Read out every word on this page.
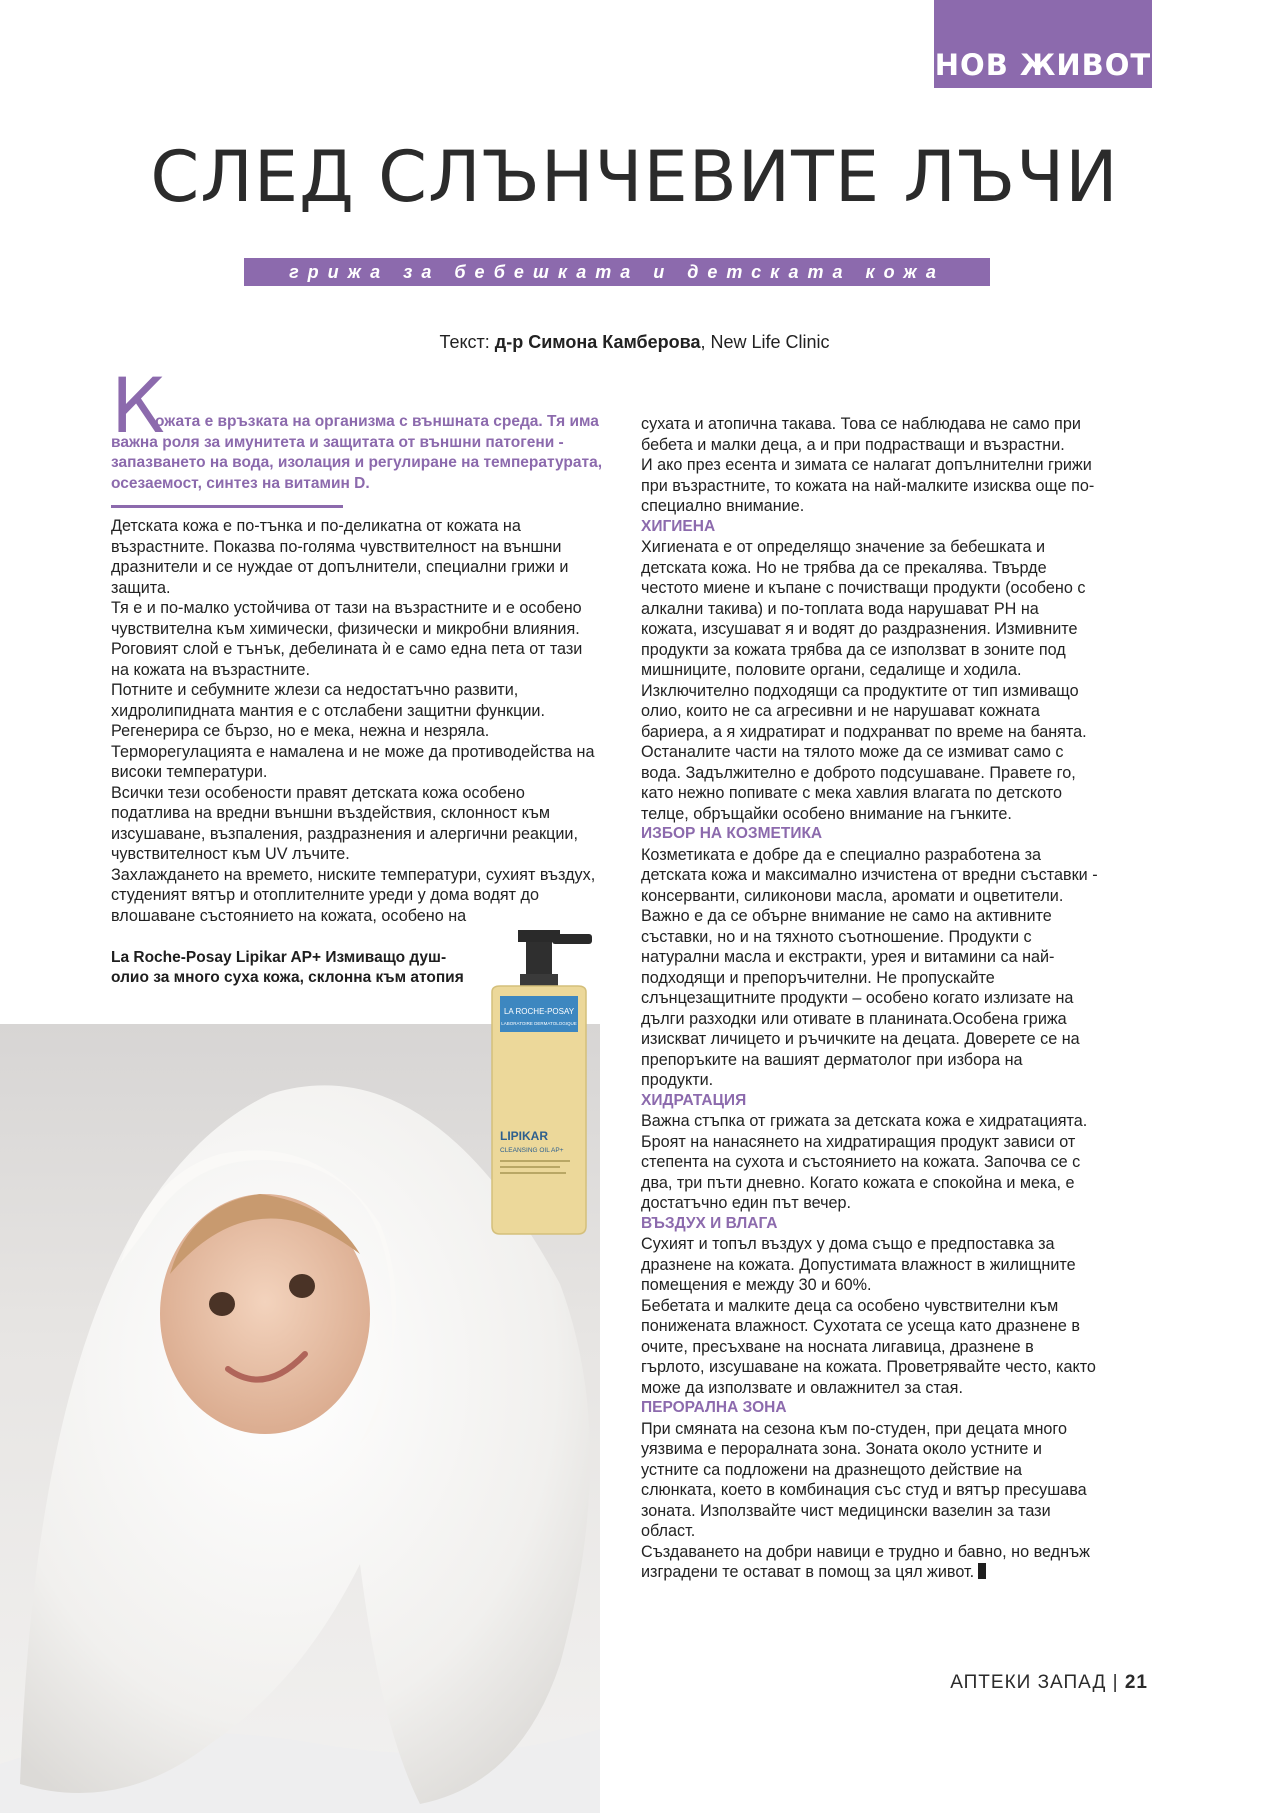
НОВ ЖИВОТ
СЛЕД СЛЪНЧЕВИТЕ ЛЪЧИ
грижа за бебешката и детската кожа
Текст: д-р Симона Камберова, New Life Clinic
К
ожата е връзката на организма с външната среда. Тя има важна роля за имунитета и защитата от външни патогени - запазването на вода, изолация и регулиране на температурата, осезаемост, синтез на витамин D.

Детската кожа е по-тънка и по-деликатна от кожата на възрастните. Показва по-голяма чувствителност на външни дразнители и се нуждае от допълнители, специални грижи и защита.

Тя е и по-малко устойчива от тази на възрастните и е особено чувствителна към химически, физически и микробни влияния. Роговият слой е тънък, дебелината ѝ е само една пета от тази на кожата на възрастните.

Потните и себумните жлези са недостатъчно развити, хидролипидната мантия е с отслабени защитни функции. Регенерира се бързо, но е мека, нежна и незряла. Терморегулацията е намалена и не може да противодейства на високи температури.

Всички тези особености правят детската кожа особено податлива на вредни външни въздействия, склонност към изсушаване, възпаления, раздразнения и алергични реакции, чувствителност към UV лъчите.

Захлаждането на времето, ниските температури, сухият въздух, студеният вятър и отоплителните уреди у дома водят до влошаване състоянието на кожата, особено на

La Roche-Posay Lipikar AP+ Измиващо душ-олио за много суха кожа, склонна към атопия
LA ROCHE-POSAY
LABORATOIRE DERMATOLOGIQUE
LIPIKAR
CLEANSING OIL AP+

сухата и атопична такава. Това се наблюдава не само при бебета и малки деца, а и при подрастващи и възрастни.

И ако през есента и зимата се налагат допълнителни грижи при възрастните, то кожата на най-малките изисква още по-специално внимание.

ХИГИЕНА

Хигиената е от определящо значение за бебешката и детската кожа. Но не трябва да се прекалява. Твърде честото миене и къпане с почистващи продукти (особено с алкални такива) и по-топлата вода нарушават PH на кожата, изсушават я и водят до раздразнения. Измивните продукти за кожата трябва да се използват в зоните под мишниците, половите органи, седалище и ходила. Изключително подходящи са продуктите от тип измиващо олио, които не са агресивни и не нарушават кожната бариера, а я хидратират и подхранват по време на банята. Останалите части на тялото може да се измиват само с вода. Задължително е доброто подсушаване. Правете го, като нежно попивате с мека хавлия влагата по детското телце, обръщайки особено внимание на гънките.

ИЗБОР НА КОЗМЕТИКА

Козметиката е добре да е специално разработена за детската кожа и максимално изчистена от вредни съставки - консерванти, силиконови масла, аромати и оцветители. Важно е да се обърне внимание не само на активните съставки, но и на тяхното съотношение. Продукти с натурални масла и екстракти, урея и витамини са най-подходящи и препоръчителни. Не пропускайте слънцезащитните продукти – особено когато излизате на дълги разходки или отивате в планината.Особена грижа изискват личицето и ръчичките на децата. Доверете се на препоръките на вашият дерматолог при избора на продукти.

ХИДРАТАЦИЯ

Важна стъпка от грижата за детската кожа е хидратацията. Броят на нанасянето на хидратиращия продукт зависи от степента на сухота и състоянието на кожата. Започва се с два, три пъти дневно. Когато кожата е спокойна и мека, е достатъчно един път вечер.

ВЪЗДУХ И ВЛАГА

Сухият и топъл въздух у дома също е предпоставка за дразнене на кожата. Допустимата влажност в жилищните помещения е между 30 и 60%.

Бебетата и малките деца са особено чувствителни към понижената влажност. Сухотата се усеща като дразнене в очите, пресъхване на носната лигавица, дразнене в гърлото, изсушаване на кожата. Проветрявайте често, както може да използвате и овлажнител за стая.

ПЕРОРАЛНА ЗОНА

При смяната на сезона към по-студен, при децата много уязвима е пероралната зона. Зоната около устните и устните са подложени на дразнещото действие на слюнката, което в комбинация със студ и вятър пресушава зоната. Използвайте чист медицински вазелин за тази област.

Създаването на добри навици е трудно и бавно, но веднъж изградени те остават в помощ за цял живот.

АПТЕКИ ЗАПАД | 21
